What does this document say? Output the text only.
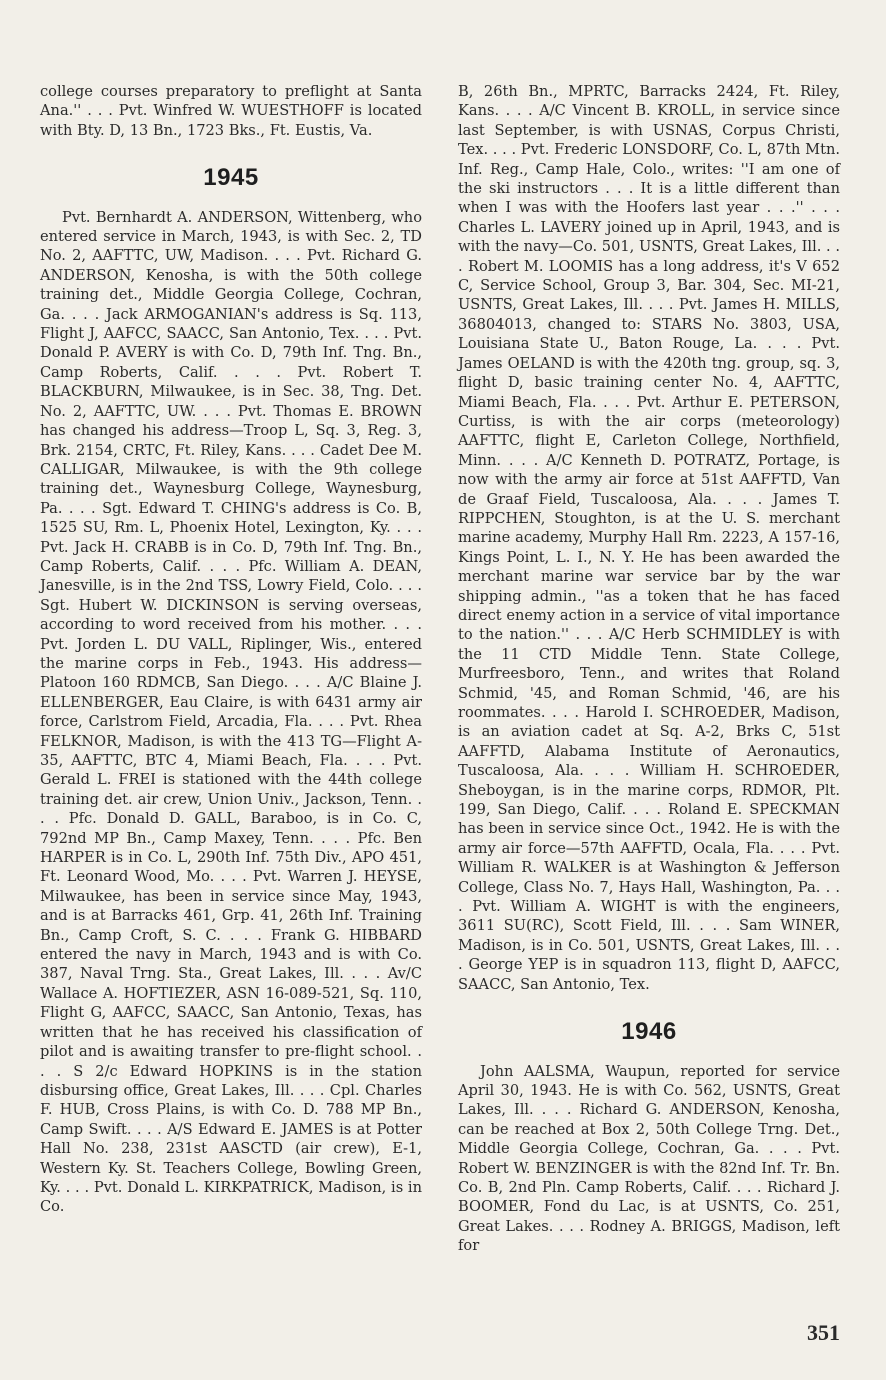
college courses preparatory to preflight at Santa Ana.'' . . . Pvt. Winfred W. WUESTHOFF is located with Bty. D, 13 Bn., 1723 Bks., Ft. Eustis, Va.

1945

Pvt. Bernhardt A. ANDERSON, Wittenberg, who entered service in March, 1943, is with Sec. 2, TD No. 2, AAFTTC, UW, Madison. . . . Pvt. Richard G. ANDERSON, Kenosha, is with the 50th college training det., Middle Georgia College, Cochran, Ga. . . . Jack ARMOGANIAN's address is Sq. 113, Flight J, AAFCC, SAACC, San Antonio, Tex. . . . Pvt. Donald P. AVERY is with Co. D, 79th Inf. Tng. Bn., Camp Roberts, Calif. . . . Pvt. Robert T. BLACKBURN, Milwaukee, is in Sec. 38, Tng. Det. No. 2, AAFTTC, UW. . . . Pvt. Thomas E. BROWN has changed his address—Troop L, Sq. 3, Reg. 3, Brk. 2154, CRTC, Ft. Riley, Kans. . . . Cadet Dee M. CALLIGAR, Milwaukee, is with the 9th college training det., Waynesburg College, Waynesburg, Pa. . . . Sgt. Edward T. CHING's address is Co. B, 1525 SU, Rm. L, Phoenix Hotel, Lexington, Ky. . . . Pvt. Jack H. CRABB is in Co. D, 79th Inf. Tng. Bn., Camp Roberts, Calif. . . . Pfc. William A. DEAN, Janesville, is in the 2nd TSS, Lowry Field, Colo. . . . Sgt. Hubert W. DICKINSON is serving overseas, according to word received from his mother. . . . Pvt. Jorden L. DU VALL, Riplinger, Wis., entered the marine corps in Feb., 1943. His address—Platoon 160 RDMCB, San Diego. . . . A/C Blaine J. ELLENBERGER, Eau Claire, is with 6431 army air force, Carlstrom Field, Arcadia, Fla. . . . Pvt. Rhea FELKNOR, Madison, is with the 413 TG—Flight A-35, AAFTTC, BTC 4, Miami Beach, Fla. . . . Pvt. Gerald L. FREI is stationed with the 44th college training det. air crew, Union Univ., Jackson, Tenn. . . . Pfc. Donald D. GALL, Baraboo, is in Co. C, 792nd MP Bn., Camp Maxey, Tenn. . . . Pfc. Ben HARPER is in Co. L, 290th Inf. 75th Div., APO 451, Ft. Leonard Wood, Mo. . . . Pvt. Warren J. HEYSE, Milwaukee, has been in service since May, 1943, and is at Barracks 461, Grp. 41, 26th Inf. Training Bn., Camp Croft, S. C. . . . Frank G. HIBBARD entered the navy in March, 1943 and is with Co. 387, Naval Trng. Sta., Great Lakes, Ill. . . . Av/C Wallace A. HOFTIEZER, ASN 16-089-521, Sq. 110, Flight G, AAFCC, SAACC, San Antonio, Texas, has written that he has received his classification of pilot and is awaiting transfer to pre-flight school. . . . S 2/c Edward HOPKINS is in the station disbursing office, Great Lakes, Ill. . . . Cpl. Charles F. HUB, Cross Plains, is with Co. D. 788 MP Bn., Camp Swift. . . . A/S Edward E. JAMES is at Potter Hall No. 238, 231st AASCTD (air crew), E-1, Western Ky. St. Teachers College, Bowling Green, Ky. . . . Pvt. Donald L. KIRKPATRICK, Madison, is in Co.

B, 26th Bn., MPRTC, Barracks 2424, Ft. Riley, Kans. . . . A/C Vincent B. KROLL, in service since last September, is with USNAS, Corpus Christi, Tex. . . . Pvt. Frederic LONSDORF, Co. L, 87th Mtn. Inf. Reg., Camp Hale, Colo., writes: ''I am one of the ski instructors . . . It is a little different than when I was with the Hoofers last year . . .'' . . . Charles L. LAVERY joined up in April, 1943, and is with the navy—Co. 501, USNTS, Great Lakes, Ill. . . . Robert M. LOOMIS has a long address, it's V 652 C, Service School, Group 3, Bar. 304, Sec. MI-21, USNTS, Great Lakes, Ill. . . . Pvt. James H. MILLS, 36804013, changed to: STARS No. 3803, USA, Louisiana State U., Baton Rouge, La. . . . Pvt. James OELAND is with the 420th tng. group, sq. 3, flight D, basic training center No. 4, AAFTTC, Miami Beach, Fla. . . . Pvt. Arthur E. PETERSON, Curtiss, is with the air corps (meteorology) AAFTTC, flight E, Carleton College, Northfield, Minn. . . . A/C Kenneth D. POTRATZ, Portage, is now with the army air force at 51st AAFFTD, Van de Graaf Field, Tuscaloosa, Ala. . . . James T. RIPPCHEN, Stoughton, is at the U. S. merchant marine academy, Murphy Hall Rm. 2223, A 157-16, Kings Point, L. I., N. Y. He has been awarded the merchant marine war service bar by the war shipping admin., ''as a token that he has faced direct enemy action in a service of vital importance to the nation.'' . . . A/C Herb SCHMIDLEY is with the 11 CTD Middle Tenn. State College, Murfreesboro, Tenn., and writes that Roland Schmid, '45, and Roman Schmid, '46, are his roommates. . . . Harold I. SCHROEDER, Madison, is an aviation cadet at Sq. A-2, Brks C, 51st AAFFTD, Alabama Institute of Aeronautics, Tuscaloosa, Ala. . . . William H. SCHROEDER, Sheboygan, is in the marine corps, RDMOR, Plt. 199, San Diego, Calif. . . . Roland E. SPECKMAN has been in service since Oct., 1942. He is with the army air force—57th AAFFTD, Ocala, Fla. . . . Pvt. William R. WALKER is at Washington & Jefferson College, Class No. 7, Hays Hall, Washington, Pa. . . . Pvt. William A. WIGHT is with the engineers, 3611 SU(RC), Scott Field, Ill. . . . Sam WINER, Madison, is in Co. 501, USNTS, Great Lakes, Ill. . . . George YEP is in squadron 113, flight D, AAFCC, SAACC, San Antonio, Tex.

1946

John AALSMA, Waupun, reported for service April 30, 1943. He is with Co. 562, USNTS, Great Lakes, Ill. . . . Richard G. ANDERSON, Kenosha, can be reached at Box 2, 50th College Trng. Det., Middle Georgia College, Cochran, Ga. . . . Pvt. Robert W. BENZINGER is with the 82nd Inf. Tr. Bn. Co. B, 2nd Pln. Camp Roberts, Calif. . . . Richard J. BOOMER, Fond du Lac, is at USNTS, Co. 251, Great Lakes. . . . Rodney A. BRIGGS, Madison, left for

351
